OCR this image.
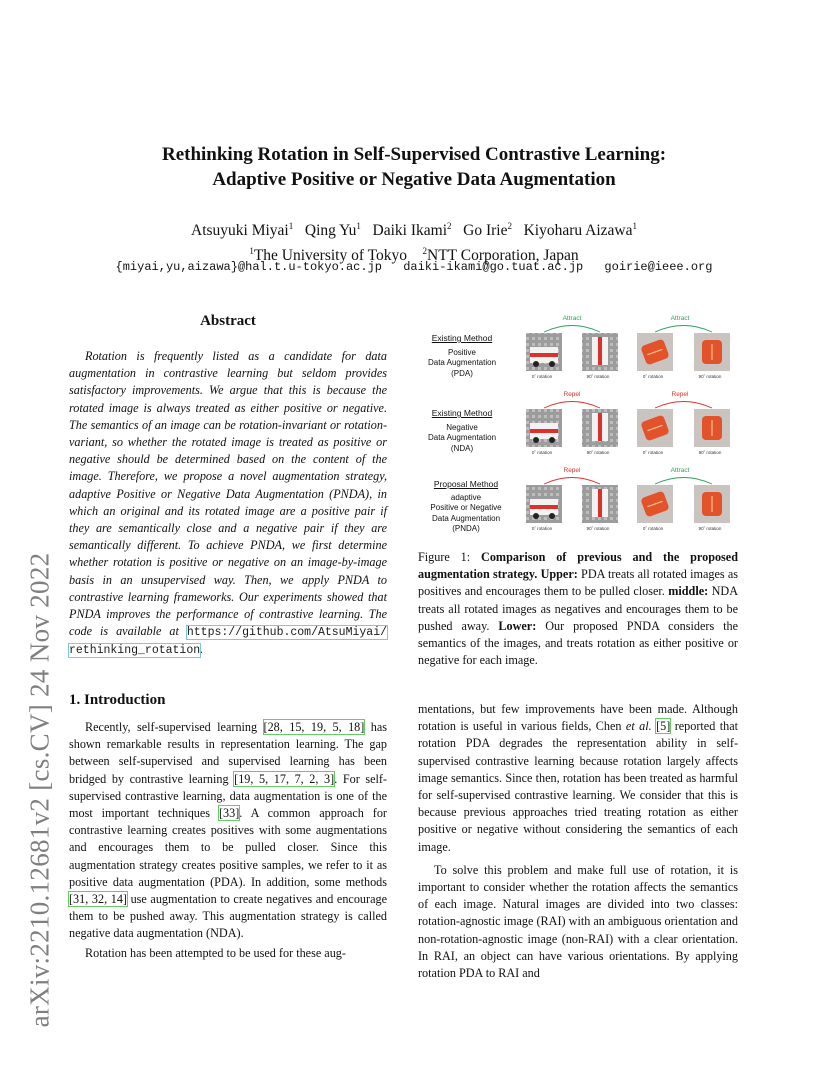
arXiv:2210.12681v2 [cs.CV] 24 Nov 2022
Rethinking Rotation in Self-Supervised Contrastive Learning:
Adaptive Positive or Negative Data Augmentation
Atsuyuki Miyai$^1$ Qing Yu$^1$ Daiki Ikami$^2$ Go Irie$^2$ Kiyoharu Aizawa$^1$
$^1$The University of Tokyo $^2$NTT Corporation, Japan
{miyai,yu,aizawa}@hal.t.u-tokyo.ac.jp daiki-ikami@go.tuat.ac.jp goirie@ieee.org
Abstract
Rotation is frequently listed as a candidate for data augmentation in contrastive learning but seldom provides satisfactory improvements. We argue that this is because the rotated image is always treated as either positive or negative. The semantics of an image can be rotation-invariant or rotation-variant, so whether the rotated image is treated as positive or negative should be determined based on the content of the image. Therefore, we propose a novel augmentation strategy, adaptive Positive or Negative Data Augmentation (PNDA), in which an original and its rotated image are a positive pair if they are semantically close and a negative pair if they are semantically different. To achieve PNDA, we first determine whether rotation is positive or negative on an image-by-image basis in an unsupervised way. Then, we apply PNDA to contrastive learning frameworks. Our experiments showed that PNDA improves the performance of contrastive learning. The code is available at https://github.com/AtsuMiyai/ rethinking_rotation.
Existing Method
Positive
Data Augmentation
(PDA)
Existing Method
Negative
Data Augmentation
(NDA)
Proposal Method
adaptive
Positive or Negative
Data Augmentation
(PNDA)
Attract	Attract
Repel	Repel
Repel	Attract
0˚ rotation	90˚ rotation	0˚ rotation	90˚ rotation
0˚ rotation	90˚ rotation	0˚ rotation	90˚ rotation
0˚ rotation	90˚ rotation	0˚ rotation	90˚ rotation
Figure 1: Comparison of previous and the proposed augmentation strategy. Upper: PDA treats all rotated images as positives and encourages them to be pulled closer. middle: NDA treats all rotated images as negatives and encourages them to be pushed away. Lower: Our proposed PNDA considers the semantics of the images, and treats rotation as either positive or negative for each image.
1. Introduction

Recently, self-supervised learning [28, 15, 19, 5, 18] has shown remarkable results in representation learning. The gap between self-supervised and supervised learning has been bridged by contrastive learning [19, 5, 17, 7, 2, 3]. For self-supervised contrastive learning, data augmentation is one of the most important techniques [33]. A common approach for contrastive learning creates positives with some augmentations and encourages them to be pulled closer. Since this augmentation strategy creates positive samples, we refer to it as positive data augmentation (PDA). In addition, some methods [31, 32, 14] use augmentation to create negatives and encourage them to be pushed away. This augmentation strategy is called negative data augmentation (NDA).

Rotation has been attempted to be used for these aug-

mentations, but few improvements have been made. Although rotation is useful in various fields, Chen et al. [5] reported that rotation PDA degrades the representation ability in self-supervised contrastive learning because rotation largely affects image semantics. Since then, rotation has been treated as harmful for self-supervised contrastive learning. We consider that this is because previous approaches tried treating rotation as either positive or negative without considering the semantics of each image.

To solve this problem and make full use of rotation, it is important to consider whether the rotation affects the semantics of each image. Natural images are divided into two classes: rotation-agnostic image (RAI) with an ambiguous orientation and non-rotation-agnostic image (non-RAI) with a clear orientation. In RAI, an object can have various orientations. By applying rotation PDA to RAI and
